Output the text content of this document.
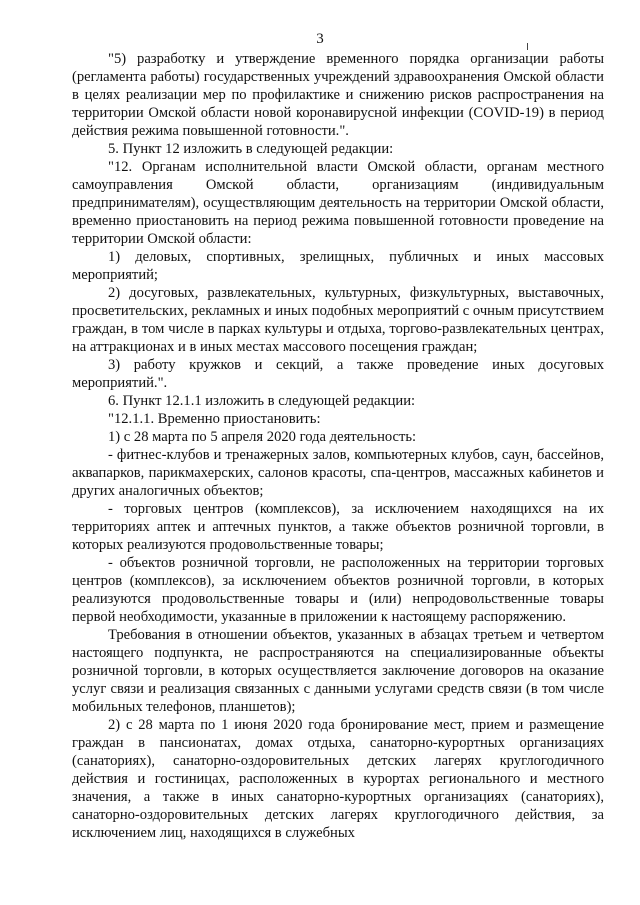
3

"5) разработку и утверждение временного порядка организации работы (регламента работы) государственных учреждений здравоохранения Омской области в целях реализации мер по профилактике и снижению рисков распространения на территории Омской области новой коронавирусной инфекции (COVID-19) в период действия режима повышенной готовности.".

5. Пункт 12 изложить в следующей редакции:

"12. Органам исполнительной власти Омской области, органам местного самоуправления Омской области, организациям (индивидуальным предпринимателям), осуществляющим деятельность на территории Омской области, временно приостановить на период режима повышенной готовности проведение на территории Омской области:

1) деловых, спортивных, зрелищных, публичных и иных массовых мероприятий;

2) досуговых, развлекательных, культурных, физкультурных, выставочных, просветительских, рекламных и иных подобных мероприятий с очным присутствием граждан, в том числе в парках культуры и отдыха, торгово-развлекательных центрах, на аттракционах и в иных местах массового посещения граждан;

3) работу кружков и секций, а также проведение иных досуговых мероприятий.".

6. Пункт 12.1.1 изложить в следующей редакции:

"12.1.1. Временно приостановить:

1) с 28 марта по 5 апреля 2020 года деятельность:

- фитнес-клубов и тренажерных залов, компьютерных клубов, саун, бассейнов, аквапарков, парикмахерских, салонов красоты, спа-центров, массажных кабинетов и других аналогичных объектов;

- торговых центров (комплексов), за исключением находящихся на их территориях аптек и аптечных пунктов, а также объектов розничной торговли, в которых реализуются продовольственные товары;

- объектов розничной торговли, не расположенных на территории торговых центров (комплексов), за исключением объектов розничной торговли, в которых реализуются продовольственные товары и (или) непродовольственные товары первой необходимости, указанные в приложении к настоящему распоряжению.

Требования в отношении объектов, указанных в абзацах третьем и четвертом настоящего подпункта, не распространяются на специализированные объекты розничной торговли, в которых осуществляется заключение договоров на оказание услуг связи и реализация связанных с данными услугами средств связи (в том числе мобильных телефонов, планшетов);

2) с 28 марта по 1 июня 2020 года бронирование мест, прием и размещение граждан в пансионатах, домах отдыха, санаторно-курортных организациях (санаториях), санаторно-оздоровительных детских лагерях круглогодичного действия и гостиницах, расположенных в курортах регионального и местного значения, а также в иных санаторно-курортных организациях (санаториях), санаторно-оздоровительных детских лагерях круглогодичного действия, за исключением лиц, находящихся в служебных
